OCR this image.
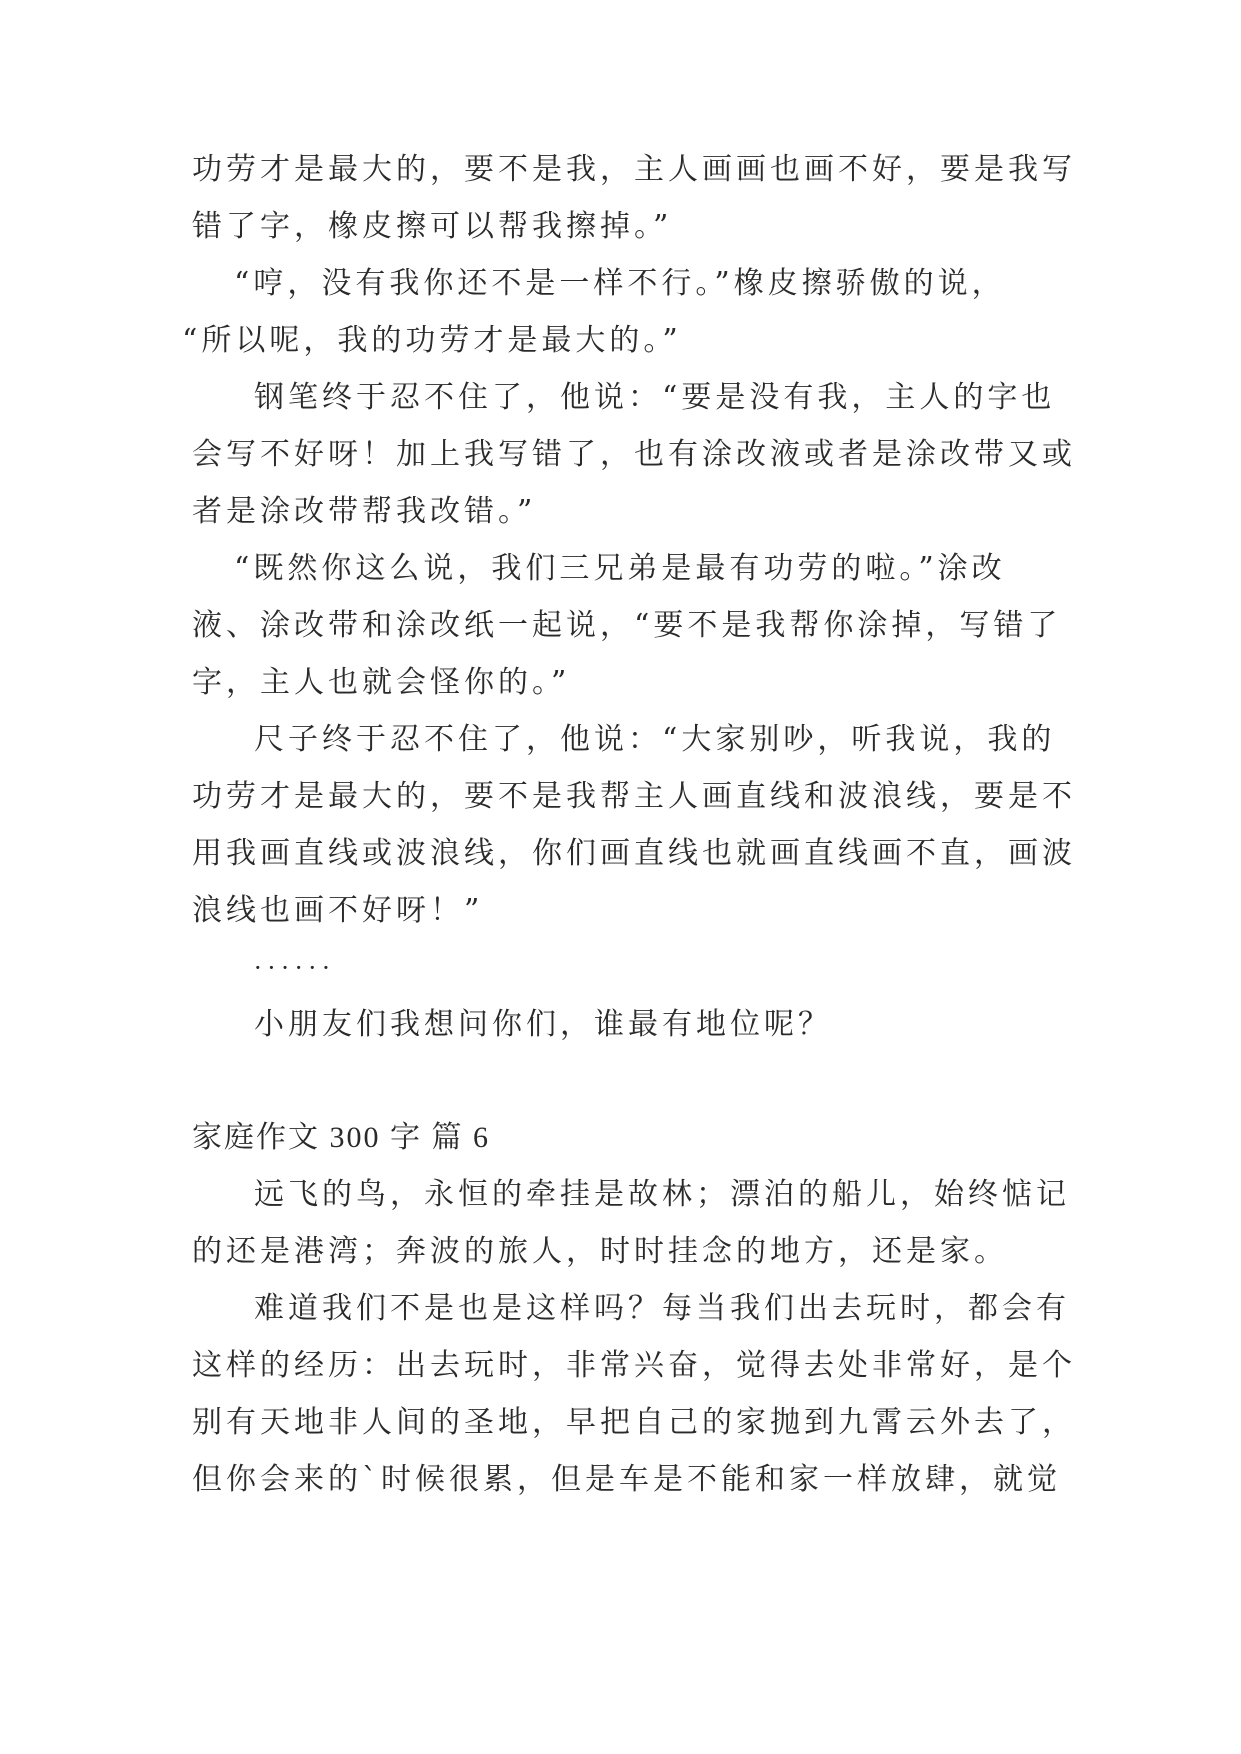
功劳才是最大的，要不是我，主人画画也画不好，要是我写
错了字，橡皮擦可以帮我擦掉。”
“哼，没有我你还不是一样不行。”橡皮擦骄傲的说，
“所以呢，我的功劳才是最大的。”
钢笔终于忍不住了，他说：“要是没有我，主人的字也
会写不好呀！加上我写错了，也有涂改液或者是涂改带又或
者是涂改带帮我改错。”
“既然你这么说，我们三兄弟是最有功劳的啦。”涂改
液、涂改带和涂改纸一起说，“要不是我帮你涂掉，写错了
字，主人也就会怪你的。”
尺子终于忍不住了，他说：“大家别吵，听我说，我的
功劳才是最大的，要不是我帮主人画直线和波浪线，要是不
用我画直线或波浪线，你们画直线也就画直线画不直，画波
浪线也画不好呀！”
······
小朋友们我想问你们，谁最有地位呢？
家庭作文 300 字 篇 6
远飞的鸟，永恒的牵挂是故林；漂泊的船儿，始终惦记
的还是港湾；奔波的旅人，时时挂念的地方，还是家。
难道我们不是也是这样吗？每当我们出去玩时，都会有
这样的经历：出去玩时，非常兴奋，觉得去处非常好，是个
别有天地非人间的圣地，早把自己的家抛到九霄云外去了，
但你会来的`时候很累，但是车是不能和家一样放肆，就觉
